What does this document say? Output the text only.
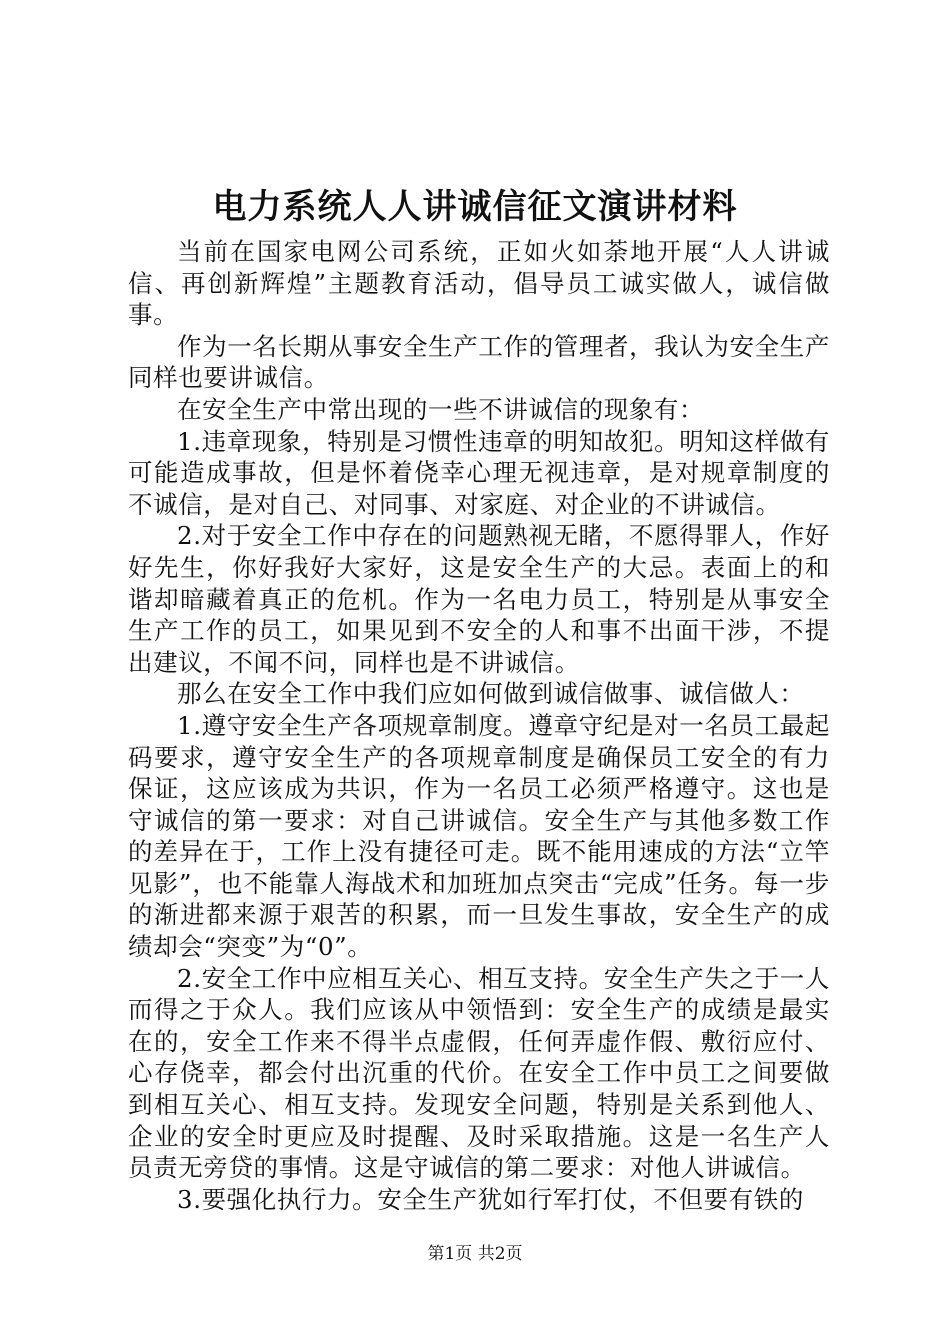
电力系统人人讲诚信征文演讲材料

当前在国家电网公司系统，正如火如荼地开展“人人讲诚信、再创新辉煌”主题教育活动，倡导员工诚实做人，诚信做事。

作为一名长期从事安全生产工作的管理者，我认为安全生产同样也要讲诚信。

在安全生产中常出现的一些不讲诚信的现象有：

1.违章现象，特别是习惯性违章的明知故犯。明知这样做有可能造成事故，但是怀着侥幸心理无视违章，是对规章制度的不诚信，是对自己、对同事、对家庭、对企业的不讲诚信。

2.对于安全工作中存在的问题熟视无睹，不愿得罪人，作好好先生，你好我好大家好，这是安全生产的大忌。表面上的和谐却暗藏着真正的危机。作为一名电力员工，特别是从事安全生产工作的员工，如果见到不安全的人和事不出面干涉，不提出建议，不闻不问，同样也是不讲诚信。

那么在安全工作中我们应如何做到诚信做事、诚信做人：

1.遵守安全生产各项规章制度。遵章守纪是对一名员工最起码要求，遵守安全生产的各项规章制度是确保员工安全的有力保证，这应该成为共识，作为一名员工必须严格遵守。这也是守诚信的第一要求：对自己讲诚信。安全生产与其他多数工作的差异在于，工作上没有捷径可走。既不能用速成的方法“立竿见影”，也不能靠人海战术和加班加点突击“完成”任务。每一步的渐进都来源于艰苦的积累，而一旦发生事故，安全生产的成绩却会“突变”为“0”。

2.安全工作中应相互关心、相互支持。安全生产失之于一人而得之于众人。我们应该从中领悟到：安全生产的成绩是最实在的，安全工作来不得半点虚假，任何弄虚作假、敷衍应付、心存侥幸，都会付出沉重的代价。在安全工作中员工之间要做到相互关心、相互支持。发现安全问题，特别是关系到他人、企业的安全时更应及时提醒、及时采取措施。这是一名生产人员责无旁贷的事情。这是守诚信的第二要求：对他人讲诚信。

3.要强化执行力。安全生产犹如行军打仗，不但要有铁的

第1页 共2页
